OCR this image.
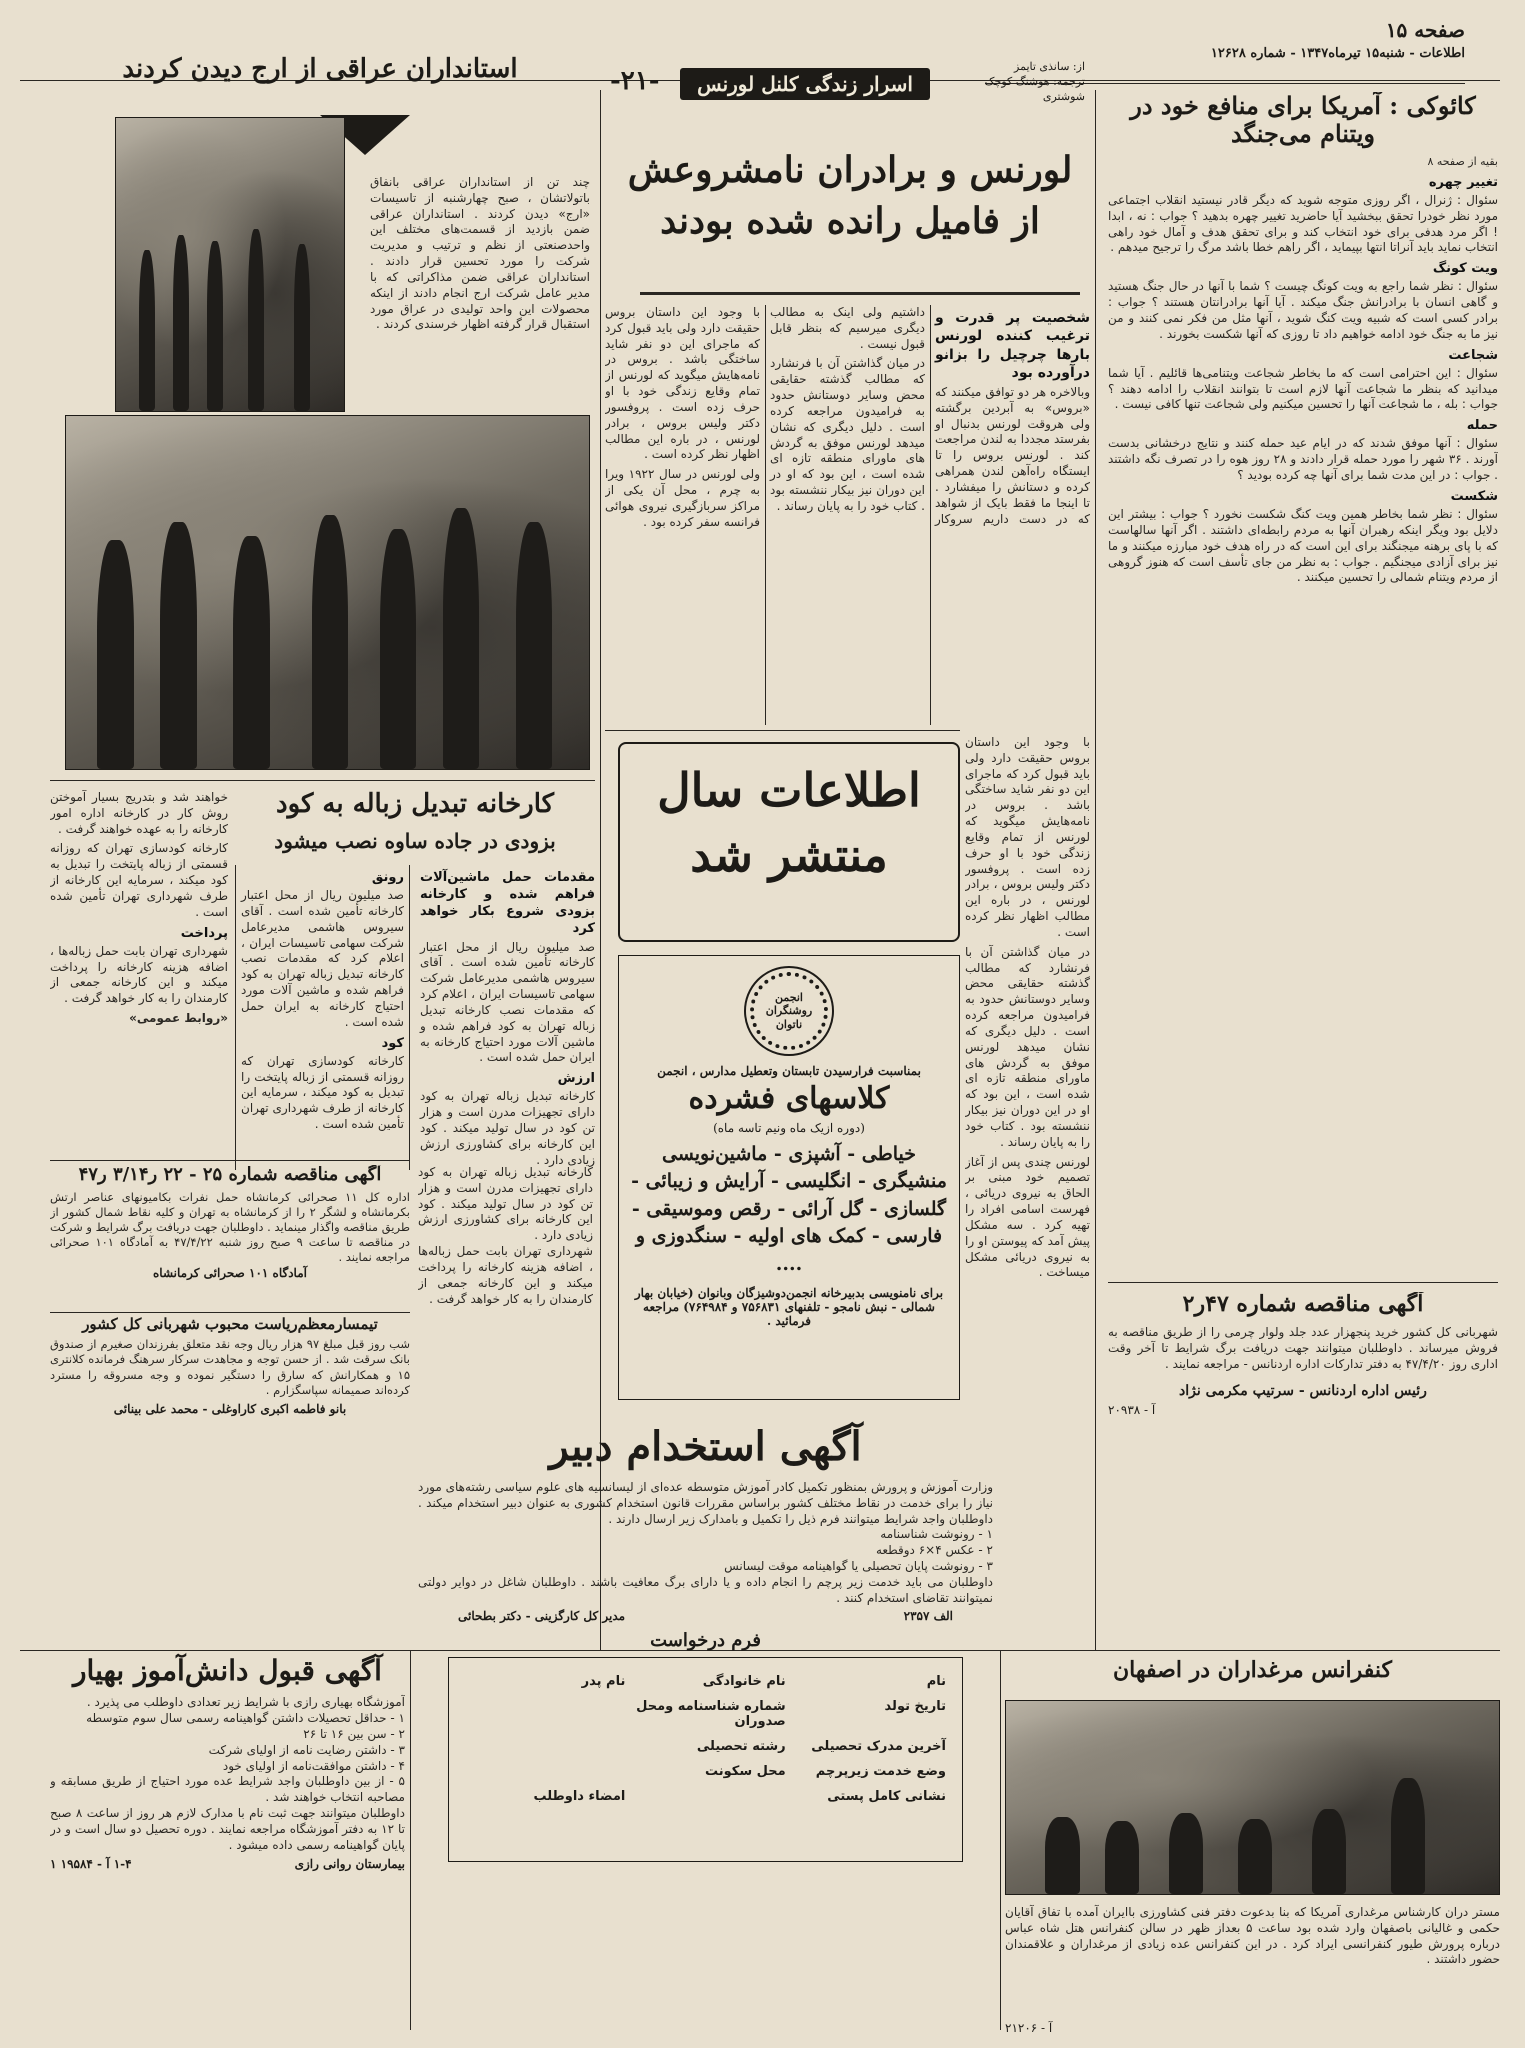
صفحه ۱۵
اطلاعات - شنبه۱۵ تیرماه۱۳۴۷ - شماره ۱۲۶۲۸
کائوکی : آمریکا برای منافع خود در ویتنام می‌جنگد

بقیه از صفحه ۸

تغییر چهره

سئوال : ژنرال ، اگر روزی متوجه شوید که دیگر قادر نیستید انقلاب اجتماعی مورد نظر خودرا تحقق ببخشید آیا حاضرید تغییر چهره بدهید ؟ جواب : نه ، ابدا ! اگر مرد هدفی برای خود انتخاب کند و برای تحقق هدف و آمال خود راهی انتخاب نماید باید آنراتا انتها بپیماید ، اگر راهم خطا باشد مرگ را ترجیح میدهم .

ویت کونگ

سئوال : نظر شما راجع به ویت کونگ چیست ؟ شما با آنها در حال جنگ هستید و گاهی انسان با برادرانش جنگ میکند . آیا آنها برادرانتان هستند ؟ جواب : برادر کسی است که شبیه ویت کنگ شوید ، آنها مثل من فکر نمی کنند و من نیز ما به جنگ خود ادامه خواهیم داد تا روزی که آنها شکست بخورند .

شجاعت

سئوال : این احترامی است که ما بخاطر شجاعت ویتنامی‌ها قائلیم . آیا شما میدانید که بنظر ما شجاعت آنها لازم است تا بتوانند انقلاب را ادامه دهند ؟ جواب : بله ، ما شجاعت آنها را تحسین میکنیم ولی شجاعت تنها کافی نیست .

حمله

سئوال : آنها موفق شدند که در ایام عید حمله کنند و نتایج درخشانی بدست آورند . ۳۶ شهر را مورد حمله قرار دادند و ۲۸ روز هوه را در تصرف نگه داشتند . جواب : در این مدت شما برای آنها چه کرده بودید ؟

شکست

سئوال : نظر شما بخاطر همین ویت کنگ شکست نخورد ؟ جواب : بیشتر این دلایل بود ویگر اینکه رهبران آنها به مردم رابطه‌ای داشتند . اگر آنها سالهاست که با پای برهنه میجنگند برای این است که در راه هدف خود مبارزه میکنند و ما نیز برای آزادی میجنگیم . جواب : به نظر من جای تأسف است که هنوز گروهی از مردم ویتنام شمالی را تحسین میکنند .

آگهی مناقصه شماره ۴۷ر۲

شهربانی کل کشور خرید پنجهزار عدد جلد ولوار چرمی را از طریق مناقصه به فروش میرساند . داوطلبان میتوانند جهت دریافت برگ شرایط تا آخر وقت اداری روز ۴۷/۴/۲۰ به دفتر تدارکات اداره اردنانس - مراجعه نمایند .

رئیس اداره اردنانس - سرتیپ مکرمی نژاد
آ - ۲۰۹۳۸
از: سانذی تایمز
ترجمه: هوشنگ کوچک شوشتری
اسرار زندگی کلنل لورنس
-۲۱-
لورنس و برادران نامشروعش
از فامیل رانده شده بودند
شخصیت پر قدرت و ترغیب کننده لورنس بارها چرچیل را بزانو درآورده بود

وبالاخره هر دو توافق میکنند که «بروس» به آبردین برگشته ولی هروقت لورنس بدنبال او بفرستد مجددا به لندن مراجعت کند . لورنس بروس را تا ایستگاه راه‌آهن لندن همراهی کرده و دستانش را میفشارد . تا اینجا ما فقط بایک از شواهد که در دست داریم سروکار داشتیم ولی اینک به مطالب دیگری میرسیم که بنظر قابل قبول نیست .

در میان گذاشتن آن با فرنشارد که مطالب گذشته حقایقی محض وسایر دوستانش حدود به فرامیدون مراجعه کرده است . دلیل دیگری که نشان میدهد لورنس موفق به گردش های ماورای منطقه تازه ای شده است ، این بود که او در این دوران نیز بیکار ننشسته بود . کتاب خود را به پایان رساند .

با وجود این داستان بروس حقیقت دارد ولی باید قبول کرد که ماجرای این دو نفر شاید ساختگی باشد . بروس در نامه‌هایش میگوید که لورنس از تمام وقایع زندگی خود با او حرف زده است . پروفسور دکتر ولیس بروس ، برادر لورنس ، در باره این مطالب اظهار نظر کرده است .

ولی لورنس در سال ۱۹۲۲ ویرا به چرم ، محل آن یکی از مراکز سربازگیری نیروی هوائی فرانسه سفر کرده بود .

اطلاعات سال
منتشر شد

با وجود این داستان بروس حقیقت دارد ولی باید قبول کرد که ماجرای این دو نفر شاید ساختگی باشد . بروس در نامه‌هایش میگوید که لورنس از تمام وقایع زندگی خود با او حرف زده است . پروفسور دکتر ولیس بروس ، برادر لورنس ، در باره این مطالب اظهار نظر کرده است .

در میان گذاشتن آن با فرنشارد که مطالب گذشته حقایقی محض وسایر دوستانش حدود به فرامیدون مراجعه کرده است . دلیل دیگری که نشان میدهد لورنس موفق به گردش های ماورای منطقه تازه ای شده است ، این بود که او در این دوران نیز بیکار ننشسته بود . کتاب خود را به پایان رساند .

لورنس چندی پس از آغاز تصمیم خود مبنی بر الحاق به نیروی دریائی ، فهرست اسامی افراد را تهیه کرد . سه مشکل پیش آمد که پیوستن او را به نیروی دریائی مشکل میساخت .

انجمن روشنگران ناتوان
بمناسبت فرارسیدن تابستان وتعطیل مدارس ، انجمن
کلاسهای فشرده
(دوره ازیک ماه ونیم تاسه ماه)
خیاطی - آشپزی - ماشین‌نویسی منشیگری - انگلیسی - آرایش و زیبائی - گلسازی - گل آرائی - رقص وموسیقی - فارسی - کمک های اولیه - سنگدوزی و ....
برای نامنویسی بدبیرخانه انجمن‌دوشیزگان وبانوان (خیابان بهار شمالی - نبش نامجو - تلفنهای ۷۵۶۸۳۱ و ۷۶۴۹۸۴) مراجعه فرمائید .
استانداران عراقی از ارج دیدن کردند

چند تن از استانداران عراقی بانفاق باتولاتشان ، صبح چهارشنبه از تاسیسات «ارج» دیدن کردند . استانداران عراقی ضمن بازدید از قسمت‌های مختلف این واحدصنعتی از نظم و ترتیب و مدیریت شرکت را مورد تحسین قرار دادند . استانداران عراقی ضمن مذاکراتی که با مدیر عامل شرکت ارج انجام دادند از اینکه محصولات این واحد تولیدی در عراق مورد استقبال قرار گرفته اظهار خرسندی کردند .

کارخانه تبدیل زباله به کود
بزودی در جاده ساوه نصب میشود

خواهند شد و بتدریج بسیار آموختن روش کار در کارخانه اداره امور کارخانه را به عهده خواهند گرفت .

کارخانه کودسازی تهران که روزانه قسمتی از زباله پایتخت را تبدیل به کود میکند ، سرمایه این کارخانه از طرف شهرداری تهران تأمین شده است .

پرداخت

شهرداری تهران بابت حمل زباله‌ها ، اضافه هزینه کارخانه را پرداخت میکند و این کارخانه جمعی از کارمندان را به کار خواهد گرفت .

«روابط عمومی»

رونق

صد میلیون ریال از محل اعتبار کارخانه تأمین شده است . آقای سیروس هاشمی مدیرعامل شرکت سهامی تاسیسات ایران ، اعلام کرد که مقدمات نصب کارخانه تبدیل زباله تهران به کود فراهم شده و ماشین آلات مورد احتیاج کارخانه به ایران حمل شده است .

کود

کارخانه کودسازی تهران که روزانه قسمتی از زباله پایتخت را تبدیل به کود میکند ، سرمایه این کارخانه از طرف شهرداری تهران تأمین شده است .

مقدمات حمل ماشین‌آلات فراهم شده و کارخانه بزودی شروع بکار خواهد کرد

صد میلیون ریال از محل اعتبار کارخانه تأمین شده است . آقای سیروس هاشمی مدیرعامل شرکت سهامی تاسیسات ایران ، اعلام کرد که مقدمات نصب کارخانه تبدیل زباله تهران به کود فراهم شده و ماشین آلات مورد احتیاج کارخانه به ایران حمل شده است .

ارزش

کارخانه تبدیل زباله تهران به کود دارای تجهیزات مدرن است و هزار تن کود در سال تولید میکند . کود این کارخانه برای کشاورزی ارزش زیادی دارد .

آگهی مناقصه شماره ۲۵ - ۲۲ ر۳/۱۴ ر۴۷

اداره کل ۱۱ صحرائی کرمانشاه حمل نفرات بکامیونهای عناصر ارتش بکرمانشاه و لشگر ۲ را از کرمانشاه به تهران و کلیه نقاط شمال کشور از طریق مناقصه واگذار مینماید . داوطلبان جهت دریافت برگ شرایط و شرکت در مناقصه تا ساعت ۹ صبح روز شنبه ۴۷/۴/۲۲ به آمادگاه ۱۰۱ صحرائی مراجعه نمایند .

آمادگاه ۱۰۱ صحرائی کرمانشاه
تیمسارمعظم‌ریاست محبوب شهربانی کل کشور

شب روز قبل مبلغ ۹۷ هزار ریال وجه نقد متعلق بفرزندان صغیرم از صندوق بانک سرقت شد . از حسن توجه و مجاهدت سرکار سرهنگ فرمانده کلانتری ۱۵ و همکارانش که سارق را دستگیر نموده و وجه مسروقه را مسترد کرده‌اند صمیمانه سپاسگزارم .

بانو فاطمه اکبری کاراوغلی - محمد علی بینائی

کارخانه تبدیل زباله تهران به کود دارای تجهیزات مدرن است و هزار تن کود در سال تولید میکند . کود این کارخانه برای کشاورزی ارزش زیادی دارد .

شهرداری تهران بابت حمل زباله‌ها ، اضافه هزینه کارخانه را پرداخت میکند و این کارخانه جمعی از کارمندان را به کار خواهد گرفت .

آگهی قبول دانش‌آموز بهیار

آموزشگاه بهیاری رازی با شرایط زیر تعدادی داوطلب می پذیرد .

۱ - حداقل تحصیلات داشتن گواهینامه رسمی سال سوم متوسطه
۲ - سن بین ۱۶ تا ۲۶
۳ - داشتن رضایت نامه از اولیای شرکت
۴ - داشتن موافقت‌نامه از اولیای خود
۵ - از بین داوطلبان واجد شرایط عده مورد احتیاج از طریق مسابقه و مصاحبه انتخاب خواهند شد .

داوطلبان میتوانند جهت ثبت نام با مدارک لازم هر روز از ساعت ۸ صبح تا ۱۲ به دفتر آموزشگاه مراجعه نمایند . دوره تحصیل دو سال است و در پایان گواهینامه رسمی داده میشود .

بیمارستان روانی رازی
۱-۴ آ - ۱۹۵۸۴ ۱
آگهی استخدام دبیر

وزارت آموزش و پرورش بمنظور تکمیل کادر آموزش متوسطه عده‌ای از لیسانسیه های علوم سیاسی رشته‌های مورد نیاز را برای خدمت در نقاط مختلف کشور براساس مقررات قانون استخدام کشوری به عنوان دبیر استخدام میکند . داوطلبان واجد شرایط میتوانند فرم ذیل را تکمیل و بامدارک زیر ارسال دارند .

۱ - رونوشت شناسنامه
۲ - عکس ۴×۶ دوقطعه
۳ - رونوشت پایان تحصیلی یا گواهینامه موقت لیسانس

داوطلبان می باید خدمت زیر پرچم را انجام داده و یا دارای برگ معافیت باشند . داوطلبان شاغل در دوایر دولتی نمیتوانند تقاضای استخدام کنند .

الف ۲۳۵۷
مدیر کل کارگزینی - دکتر بطحائی
فرم درخواست
نام
نام خانوادگی
نام پدر
تاریخ تولد
شماره شناسنامه ومحل صدوران
آخرین مدرک تحصیلی
رشته تحصیلی
وضع خدمت زیرپرچم
محل سکونت
نشانی کامل پستی
امضاء داوطلب
کنفرانس مرغداران در اصفهان

مستر دران کارشناس مرغداری آمریکا که بنا بدعوت دفتر فنی کشاورزی باایران آمده با تفاق آقایان حکمی و غالیانی باصفهان وارد شده بود ساعت ۵ بعداز ظهر در سالن کنفرانس هتل شاه عباس درباره پرورش طیور کنفرانسی ایراد کرد . در این کنفرانس عده زیادی از مرغداران و علاقمندان حضور داشتند .

آ - ۲۱۲۰۶
